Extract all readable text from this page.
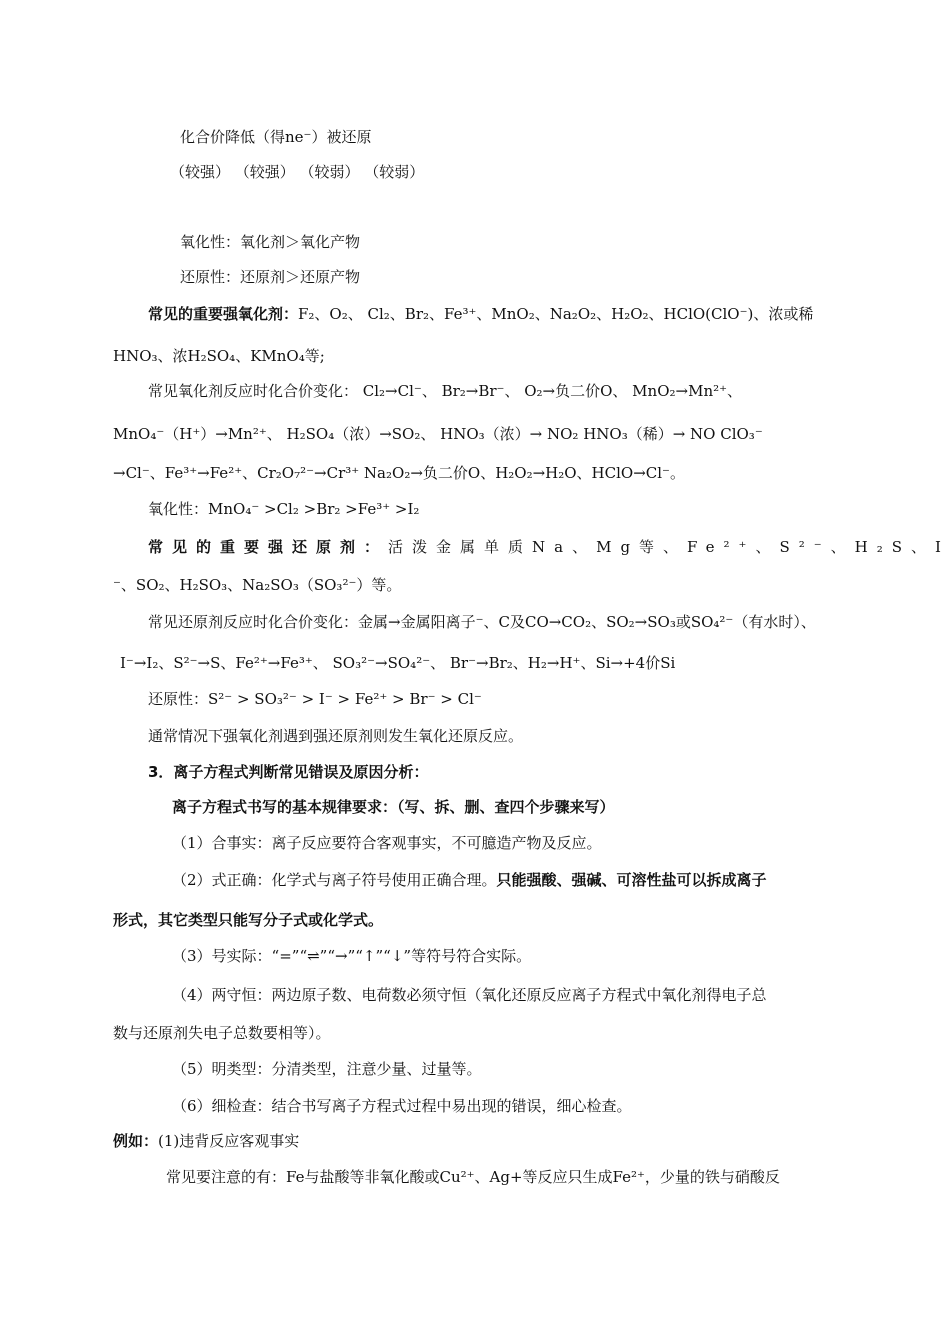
化合价降低（得ne⁻）被还原
（较强） （较强） （较弱） （较弱）
氧化性：氧化剂＞氧化产物
还原性：还原剂＞还原产物
常见的重要强氧化剂：F₂、O₂、 Cl₂、Br₂、Fe³⁺、MnO₂、Na₂O₂、H₂O₂、HClO(ClO⁻)、浓或稀
HNO₃、浓H₂SO₄、KMnO₄等;
常见氧化剂反应时化合价变化： Cl₂→Cl⁻、 Br₂→Br⁻、 O₂→负二价O、 MnO₂→Mn²⁺、
MnO₄⁻（H⁺）→Mn²⁺、 H₂SO₄（浓）→SO₂、 HNO₃（浓）→ NO₂ HNO₃（稀）→ NO ClO₃⁻
→Cl⁻、Fe³⁺→Fe²⁺、Cr₂O₇²⁻→Cr³⁺ Na₂O₂→负二价O、H₂O₂→H₂O、HClO→Cl⁻。
氧化性：MnO₄⁻ >Cl₂ >Br₂ >Fe³⁺ >I₂
常见的重要强还原剂：活泼金属单质Na、Mg等、Fe²⁺、S²⁻、H₂S、I
⁻、SO₂、H₂SO₃、Na₂SO₃（SO₃²⁻）等。
常见还原剂反应时化合价变化：金属→金属阳离子⁻、C及CO→CO₂、SO₂→SO₃或SO₄²⁻（有水时）、
I⁻→I₂、S²⁻→S、Fe²⁺→Fe³⁺、 SO₃²⁻→SO₄²⁻、 Br⁻→Br₂、H₂→H⁺、Si→+4价Si
还原性：S²⁻ > SO₃²⁻ > I⁻ > Fe²⁺ > Br⁻ > Cl⁻
通常情况下强氧化剂遇到强还原剂则发生氧化还原反应。
3．离子方程式判断常见错误及原因分析：
离子方程式书写的基本规律要求：（写、拆、删、查四个步骤来写）
（1）合事实：离子反应要符合客观事实，不可臆造产物及反应。
（2）式正确：化学式与离子符号使用正确合理。只能强酸、强碱、可溶性盐可以拆成离子
形式，其它类型只能写分子式或化学式。
（3）号实际：“=”“⇌”“→”“↑”“↓”等符号符合实际。
（4）两守恒：两边原子数、电荷数必须守恒（氧化还原反应离子方程式中氧化剂得电子总
数与还原剂失电子总数要相等）。
（5）明类型：分清类型，注意少量、过量等。
（6）细检查：结合书写离子方程式过程中易出现的错误，细心检查。
例如：(1)违背反应客观事实
常见要注意的有：Fe与盐酸等非氧化酸或Cu²⁺、Ag+等反应只生成Fe²⁺，少量的铁与硝酸反
